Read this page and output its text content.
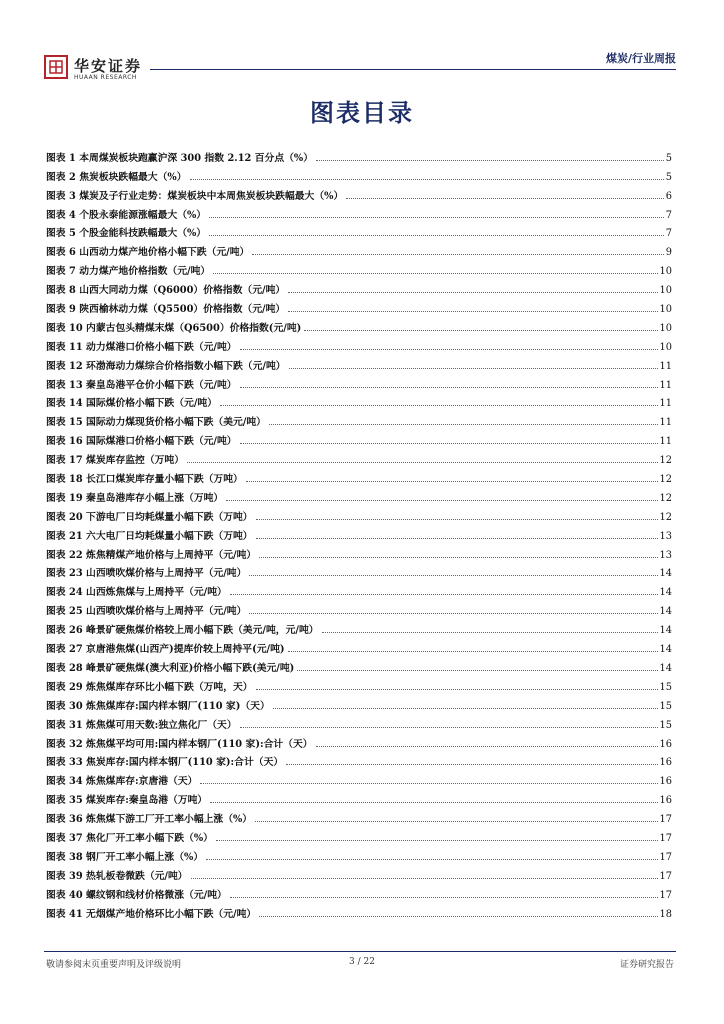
华安证券
HUAAN RESEARCH
煤炭/行业周报
图表目录
图表 1 本周煤炭板块跑赢沪深 300 指数 2.12 百分点（%）	5
图表 2 焦炭板块跌幅最大（%）	5
图表 3 煤炭及子行业走势：煤炭板块中本周焦炭板块跌幅最大（%）	6
图表 4 个股永泰能源涨幅最大（%）	7
图表 5 个股金能科技跌幅最大（%）	7
图表 6 山西动力煤产地价格小幅下跌（元/吨）	9
图表 7 动力煤产地价格指数（元/吨）	10
图表 8 山西大同动力煤（Q6000）价格指数（元/吨）	10
图表 9 陕西榆林动力煤（Q5500）价格指数（元/吨）	10
图表 10 内蒙古包头精煤末煤（Q6500）价格指数(元/吨)	10
图表 11 动力煤港口价格小幅下跌（元/吨）	10
图表 12 环渤海动力煤综合价格指数小幅下跌（元/吨）	11
图表 13 秦皇岛港平仓价小幅下跌（元/吨）	11
图表 14 国际煤价格小幅下跌（元/吨）	11
图表 15 国际动力煤现货价格小幅下跌（美元/吨）	11
图表 16 国际煤港口价格小幅下跌（元/吨）	11
图表 17 煤炭库存监控（万吨）	12
图表 18 长江口煤炭库存量小幅下跌（万吨）	12
图表 19 秦皇岛港库存小幅上涨（万吨）	12
图表 20 下游电厂日均耗煤量小幅下跌（万吨）	12
图表 21 六大电厂日均耗煤量小幅下跌（万吨）	13
图表 22 炼焦精煤产地价格与上周持平（元/吨）	13
图表 23 山西喷吹煤价格与上周持平（元/吨）	14
图表 24 山西炼焦煤与上周持平（元/吨）	14
图表 25 山西喷吹煤价格与上周持平（元/吨）	14
图表 26 峰景矿硬焦煤价格较上周小幅下跌（美元/吨，元/吨）	14
图表 27 京唐港焦煤(山西产)提库价较上周持平(元/吨)	14
图表 28 峰景矿硬焦煤(澳大利亚)价格小幅下跌(美元/吨)	14
图表 29 炼焦煤库存环比小幅下跌（万吨，天）	15
图表 30 炼焦煤库存:国内样本钢厂(110 家)（天）	15
图表 31 炼焦煤可用天数:独立焦化厂（天）	15
图表 32 炼焦煤平均可用:国内样本钢厂(110 家):合计（天）	16
图表 33 焦炭库存:国内样本钢厂(110 家):合计（天）	16
图表 34 炼焦煤库存:京唐港（天）	16
图表 35 煤炭库存:秦皇岛港（万吨）	16
图表 36 炼焦煤下游工厂开工率小幅上涨（%）	17
图表 37 焦化厂开工率小幅下跌（%）	17
图表 38 钢厂开工率小幅上涨（%）	17
图表 39 热轧板卷微跌（元/吨）	17
图表 40 螺纹钢和线材价格微涨（元/吨）	17
图表 41 无烟煤产地价格环比小幅下跌（元/吨）	18
敬请参阅末页重要声明及评级说明	3 / 22	证券研究报告
